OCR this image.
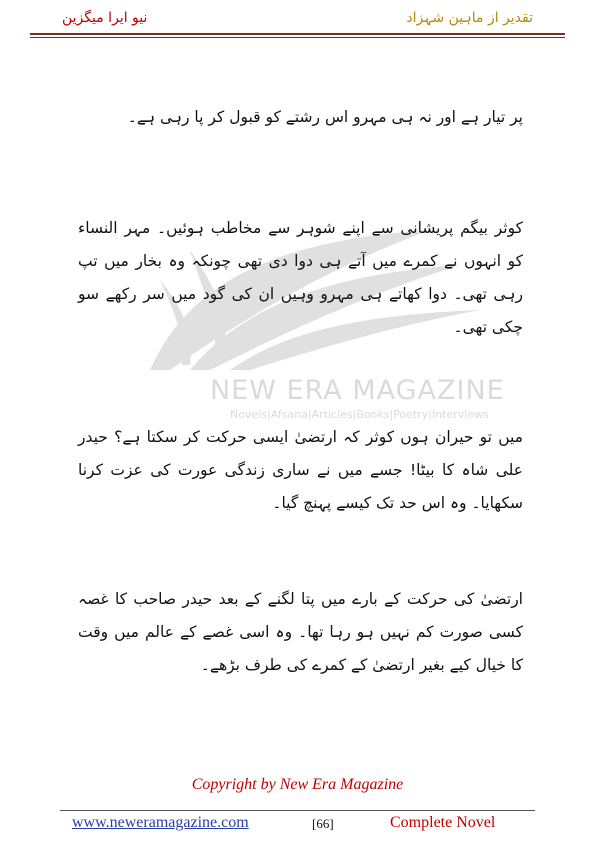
نیو ایرا میگزین	تقدیر از ماہین شہزاد
NEW ERA MAGAZINE
Novels|Afsana|Articles|Books|Poetry|Interviews

پر تیار ہے اور نہ ہی مہرو اس رشتے کو قبول کر پا رہی ہے۔

کوثر بیگم پریشانی سے اپنے شوہر سے مخاطب ہوئیں۔ مہر النساء کو انہوں نے کمرے میں آتے ہی دوا دی تھی چونکہ وہ بخار میں تپ رہی تھی۔ دوا کھاتے ہی مہرو وہیں ان کی گود میں سر رکھے سو چکی تھی۔

میں تو حیران ہوں کوثر کہ ارتضیٰ ایسی حرکت کر سکتا ہے؟ حیدر علی شاہ کا بیٹا! جسے میں نے ساری زندگی عورت کی عزت کرنا سکھایا۔ وہ اس حد تک کیسے پہنچ گیا۔

ارتضیٰ کی حرکت کے بارے میں پتا لگنے کے بعد حیدر صاحب کا غصہ کسی صورت کم نہیں ہو رہا تھا۔ وہ اسی غصے کے عالم میں وقت کا خیال کیے بغیر ارتضیٰ کے کمرے کی طرف بڑھے۔

Copyright by New Era Magazine
www.neweramagazine.com	[66]	Complete Novel
